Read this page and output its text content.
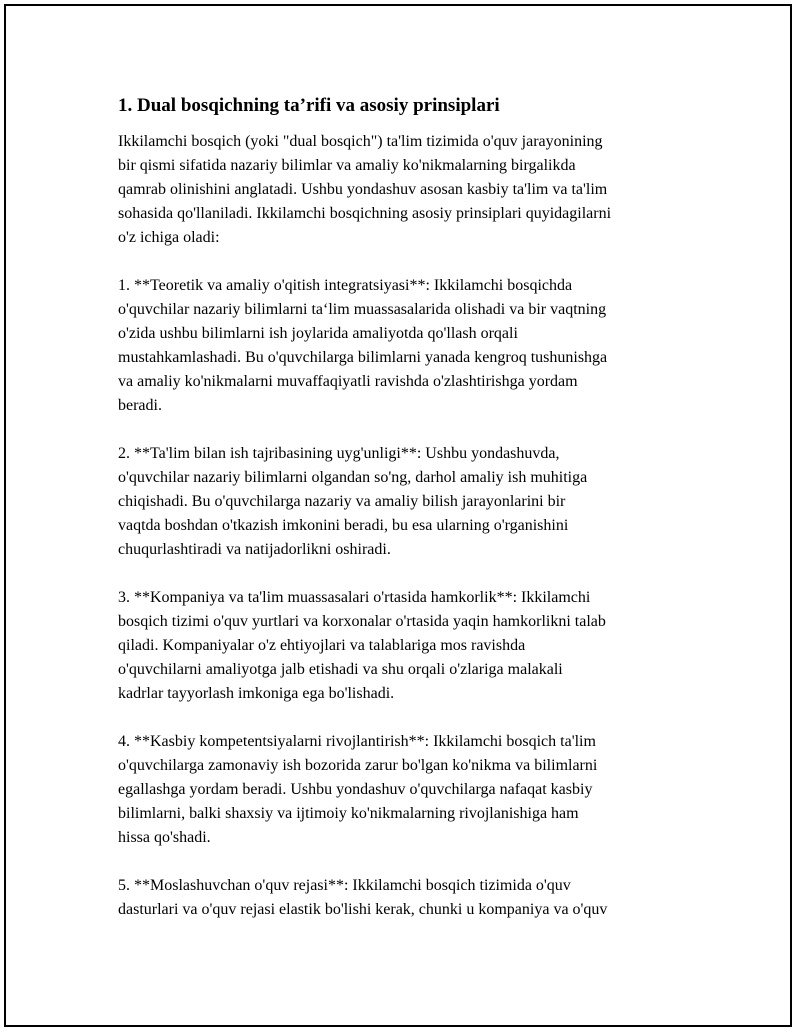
1. Dual bosqichning ta’rifi va asosiy prinsiplari

Ikkilamchi bosqich (yoki "dual bosqich") ta'lim tizimida o'quv jarayonining
bir qismi sifatida nazariy bilimlar va amaliy ko'nikmalarning birgalikda
qamrab olinishini anglatadi. Ushbu yondashuv asosan kasbiy ta'lim va ta'lim
sohasida qo'llaniladi. Ikkilamchi bosqichning asosiy prinsiplari quyidagilarni
o'z ichiga oladi:

1. **Teoretik va amaliy o'qitish integratsiyasi**: Ikkilamchi bosqichda
o'quvchilar nazariy bilimlarni ta‘lim muassasalarida olishadi va bir vaqtning
o'zida ushbu bilimlarni ish joylarida amaliyotda qo'llash orqali
mustahkamlashadi. Bu o'quvchilarga bilimlarni yanada kengroq tushunishga
va amaliy ko'nikmalarni muvaffaqiyatli ravishda o'zlashtirishga yordam
beradi.

2. **Ta'lim bilan ish tajribasining uyg'unligi**: Ushbu yondashuvda,
o'quvchilar nazariy bilimlarni olgandan so'ng, darhol amaliy ish muhitiga
chiqishadi. Bu o'quvchilarga nazariy va amaliy bilish jarayonlarini bir
vaqtda boshdan o'tkazish imkonini beradi, bu esa ularning o'rganishini
chuqurlashtiradi va natijadorlikni oshiradi.

3. **Kompaniya va ta'lim muassasalari o'rtasida hamkorlik**: Ikkilamchi
bosqich tizimi o'quv yurtlari va korxonalar o'rtasida yaqin hamkorlikni talab
qiladi. Kompaniyalar o'z ehtiyojlari va talablariga mos ravishda
o'quvchilarni amaliyotga jalb etishadi va shu orqali o'zlariga malakali
kadrlar tayyorlash imkoniga ega bo'lishadi.

4. **Kasbiy kompetentsiyalarni rivojlantirish**: Ikkilamchi bosqich ta'lim
o'quvchilarga zamonaviy ish bozorida zarur bo'lgan ko'nikma va bilimlarni
egallashga yordam beradi. Ushbu yondashuv o'quvchilarga nafaqat kasbiy
bilimlarni, balki shaxsiy va ijtimoiy ko'nikmalarning rivojlanishiga ham
hissa qo'shadi.

5. **Moslashuvchan o'quv rejasi**: Ikkilamchi bosqich tizimida o'quv
dasturlari va o'quv rejasi elastik bo'lishi kerak, chunki u kompaniya va o'quv
